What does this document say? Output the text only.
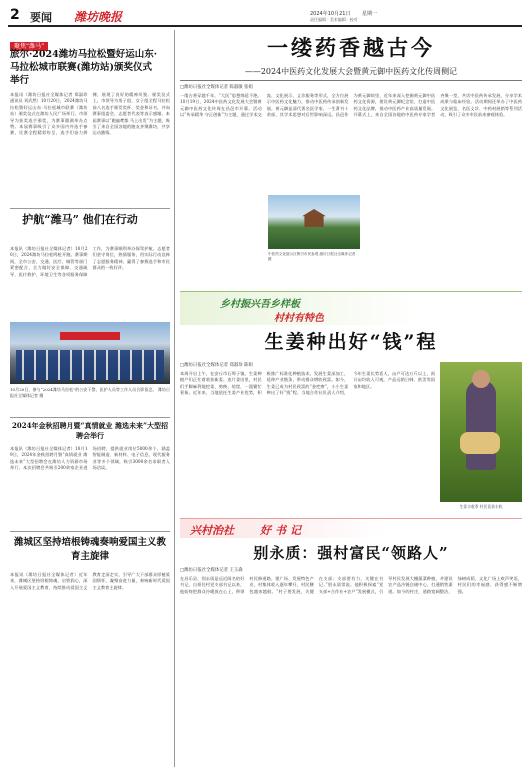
2 要闻 潍坊晚报	2024年10月21日 星期一
责任编辑 · 美术编辑 · 校对
聚焦“潍马”
旅尔·2024潍坊马拉松暨好运山东·马拉松城市联赛(潍坊站)颁奖仪式举行
本报讯（潍坊日报社全媒体记者 郑淑珍 通讯员 刘武然）10月20日，2024潍坊马拉松暨好运山东·马拉松城市联赛（潍坊站）颁奖仪式在潍坊人民广场举行。市领导为获奖选手颁奖，为赛事圆满举办点赞。本届赛事吸引了众多国内外选手参赛，比赛全程精彩纷呈，选手们奋力拼搏，展现了良好的精神风貌。颁奖仪式上，市领导为男子组、女子组全程马拉松前八名选手颁发奖杯、奖金和证书，并向赛事组委会、志愿者代表等表示感谢。本届赛事以“跑遍鸢都 马上出发”为主题，吸引了来自全国各地的跑友齐聚潍坊，共享运动激情。
护航“潍马” 他们在行动
本报讯（潍坊日报社全媒体记者）10月20日，2024潍坊马拉松鸣枪开跑。赛事期间，全市公安、交通、医疗、城管等部门紧密配合，全力做好安全保障、交通疏导、医疗救护、环境卫生等各项服务保障工作，为赛事顺利举办保驾护航。志愿者们坚守岗位，热情服务，用实际行动诠释了志愿服务精神，赢得了参赛选手和市民群众的一致好评。
10月20日，参与“2024潍坊马拉松”的公安干警、医护人员等工作人员合影留念。 潍坊日报社全媒体记者 摄
2024年金秋招聘月暨“真情就业 潍选未来”大型招聘会举行
本报讯（潍坊日报社全媒体记者）10月19日，2024年金秋招聘月暨“真情就业 潍选未来”大型招聘会在潍坊人力资源市场举行。本次招聘会共吸引200余家企业进场招聘，提供就业岗位5000余个，涵盖智能制造、新材料、电子信息、现代服务业等多个领域，吸引3000余名求职者入场洽谈。
潍城区坚持培根铸魂奏响爱国主义教育主旋律
本报讯（潍坊日报社全媒体记者）近年来，潍城区坚持培根铸魂、启智润心，深入开展爱国主义教育，持续推动爱国主义教育走深走实，引导广大干部群众厚植爱国情怀，凝聚奋进力量，奏响新时代爱国主义教育主旋律。
一缕药香越古今
——2024中医药文化发展大会暨黄元御中医药文化传周侧记
□潍坊日报社全媒体记者 陈淑敏 张娟
一缕古香穿越千年，“大医”思想绵延不绝。10月19日，2024中医药文化发展大会暨黄元御中医药文化传周在昌邑市开幕。活动以“传承精华 守正创新”为主题，通过学术交流、文化展示、义诊服务等形式，全方位展示中医药文化魅力，推动中医药传承创新发展。黄元御是清代著名医学家，一生著书十余部，其学术思想对后世影响深远。昌邑作为黄元御故里，近年来深入挖掘黄元御中医药文化资源，建设黄元御纪念馆，打造中医药文化品牌，推动中医药产业高质量发展。开幕式上，来自全国各地的中医药专家学者齐聚一堂，共话中医药传承发展，分享学术成果与临床经验。活动期间还举办了中医药文化展览、名医义诊、中药材展销等系列活动，吸引了众多市民前来参观体验。
中医药文化展示区吸引市民参观 潍坊日报社全媒体记者 摄
乡村振兴吾乡样板
村村有特色
生姜种出好“钱”程
□潍坊日报社全媒体记者 郑淑珍 陈娟
本周开启上午，在安丘市石埠子镇，生姜种植户们正忙着收获新姜。连片姜田里，村民们手脚麻利地挖姜、剪秧、装筐，一派繁忙景象。近年来，当地依托生姜产业优势，积极推广标准化种植技术，发展生姜深加工，延伸产业链条，带动群众增收致富。如今，生姜已成为村民致富的“金疙瘩”，小小生姜种出了好“钱”程。当地合作社负责人介绍，今年生姜长势喜人，亩产可达万斤以上，预计亩均收入可观，产品远销日韩、欧美等国家和地区。
生姜丰收季 村民喜获丰收
兴村治社 好书记
别永质：强村富民“领路人”
□潍坊日报社全媒体记者 王玉森
在昌乐县，别永质是远近闻名的好书记。自担任村党支部书记以来，他始终把群众冷暖放在心上，带领村民修道路、建广场、发展特色产业，村集体收入逐年攀升，村民腰包越来越鼓。“村子要发展，关键在支部；支部要有力，关键在书记。”别永质常说。他积极探索“党支部+合作社+农户”发展模式，引导村民发展大棚蔬菜种植，并建设农产品冷链仓储中心，打通销售渠道。如今的村庄，道路宽阔整洁，绿树成荫，文化广场上欢声笑语，村民们的幸福感、获得感不断增强。
